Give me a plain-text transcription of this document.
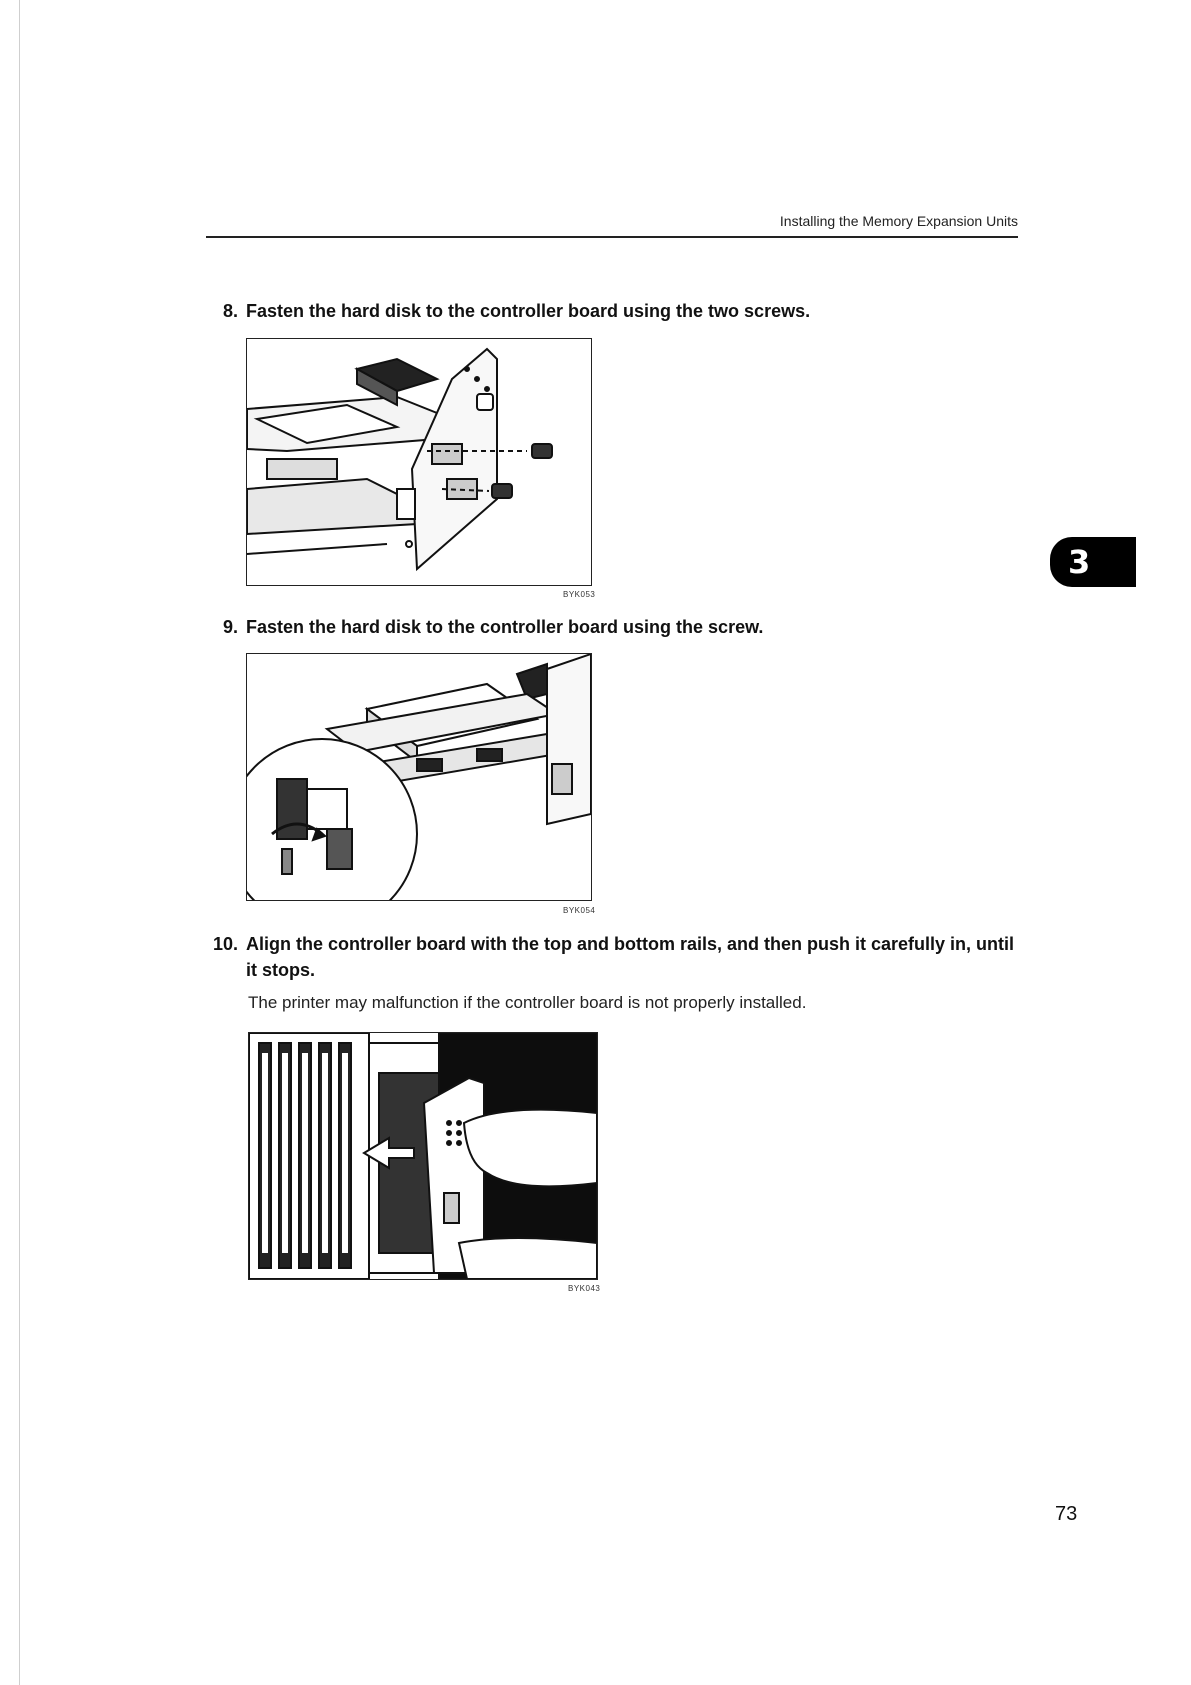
Installing the Memory Expansion Units
8. Fasten the hard disk to the controller board using the two screws.
BYK053
9. Fasten the hard disk to the controller board using the screw.
BYK054
10. Align the controller board with the top and bottom rails, and then push it carefully in, until
it stops.
The printer may malfunction if the controller board is not properly installed.
BYK043
3
73
